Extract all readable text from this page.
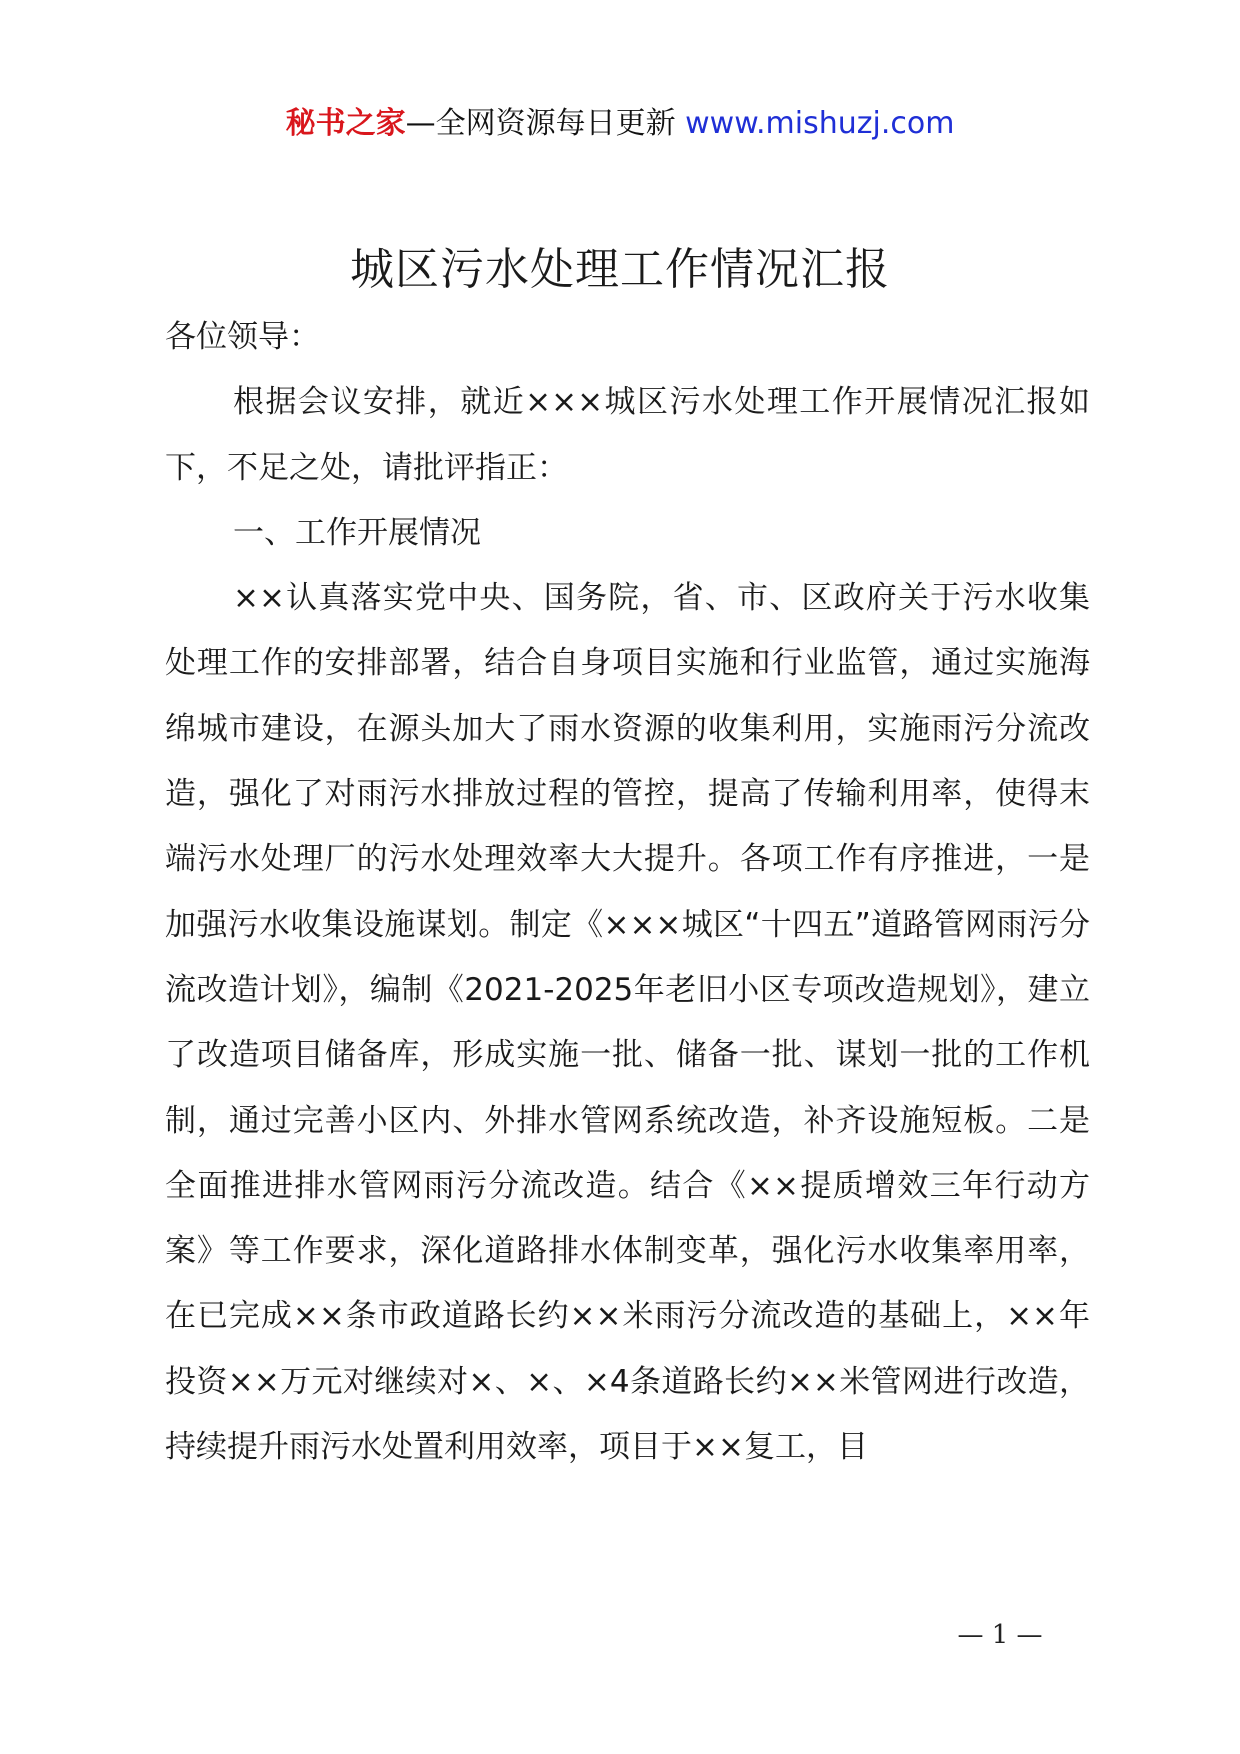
秘书之家—全网资源每日更新 www.mishuzj.com
城区污水处理工作情况汇报

各位领导：

根据会议安排，就近×××城区污水处理工作开展情况汇报如下，不足之处，请批评指正：

一、工作开展情况

××认真落实党中央、国务院，省、市、区政府关于污水收集处理工作的安排部署，结合自身项目实施和行业监管，通过实施海绵城市建设，在源头加大了雨水资源的收集利用，实施雨污分流改造，强化了对雨污水排放过程的管控，提高了传输利用率，使得末端污水处理厂的污水处理效率大大提升。各项工作有序推进，一是加强污水收集设施谋划。制定《×××城区“十四五”道路管网雨污分流改造计划》，编制《2021-2025年老旧小区专项改造规划》，建立了改造项目储备库，形成实施一批、储备一批、谋划一批的工作机制，通过完善小区内、外排水管网系统改造，补齐设施短板。二是全面推进排水管网雨污分流改造。结合《××提质增效三年行动方案》等工作要求，深化道路排水体制变革，强化污水收集率用率，在已完成××条市政道路长约××米雨污分流改造的基础上，××年投资××万元对继续对×、×、×4条道路长约××米管网进行改造，持续提升雨污水处置利用效率，项目于××复工，目

— 1 —
